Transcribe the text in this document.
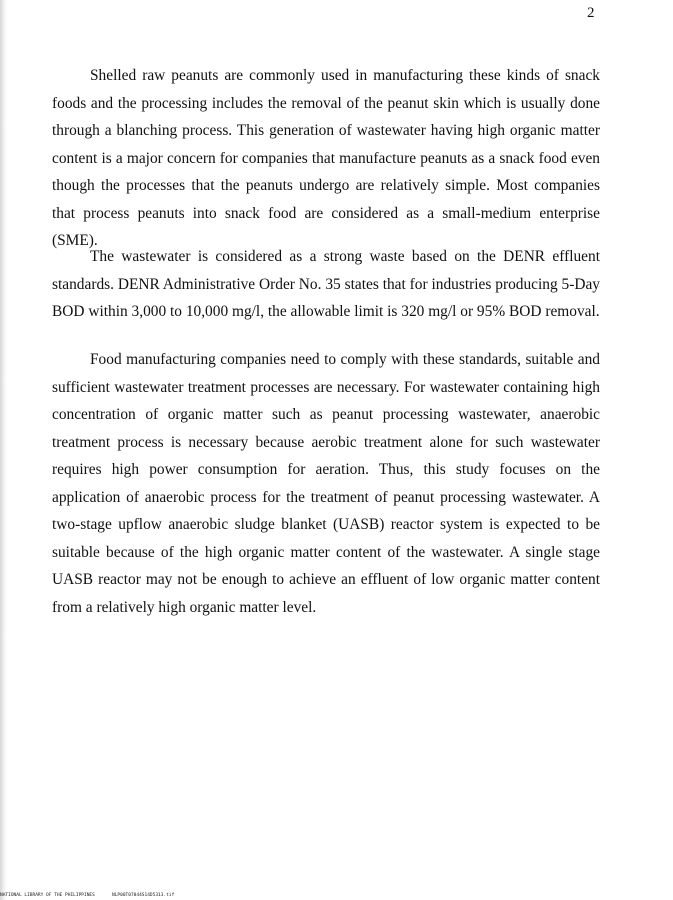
2

Shelled raw peanuts are commonly used in manufacturing these kinds of snack foods and the processing includes the removal of the peanut skin which is usually done through a blanching process. This generation of wastewater having high organic matter content is a major concern for companies that manufacture peanuts as a snack food even though the processes that the peanuts undergo are relatively simple. Most companies that process peanuts into snack food are considered as a small-medium enterprise (SME).

The wastewater is considered as a strong waste based on the DENR effluent standards. DENR Administrative Order No. 35 states that for industries producing 5-Day BOD within 3,000 to 10,000 mg/l, the allowable limit is 320 mg/l or 95% BOD removal.

Food manufacturing companies need to comply with these standards, suitable and sufficient wastewater treatment processes are necessary. For wastewater containing high concentration of organic matter such as peanut processing wastewater, anaerobic treatment process is necessary because aerobic treatment alone for such wastewater requires high power consumption for aeration. Thus, this study focuses on the application of anaerobic process for the treatment of peanut processing wastewater. A two-stage upflow anaerobic sludge blanket (UASB) reactor system is expected to be suitable because of the high organic matter content of the wastewater. A single stage UASB reactor may not be enough to achieve an effluent of low organic matter content from a relatively high organic matter level.

NATIONAL LIBRARY OF THE PHILIPPINES	NLP00T07044S14D5313.tif
